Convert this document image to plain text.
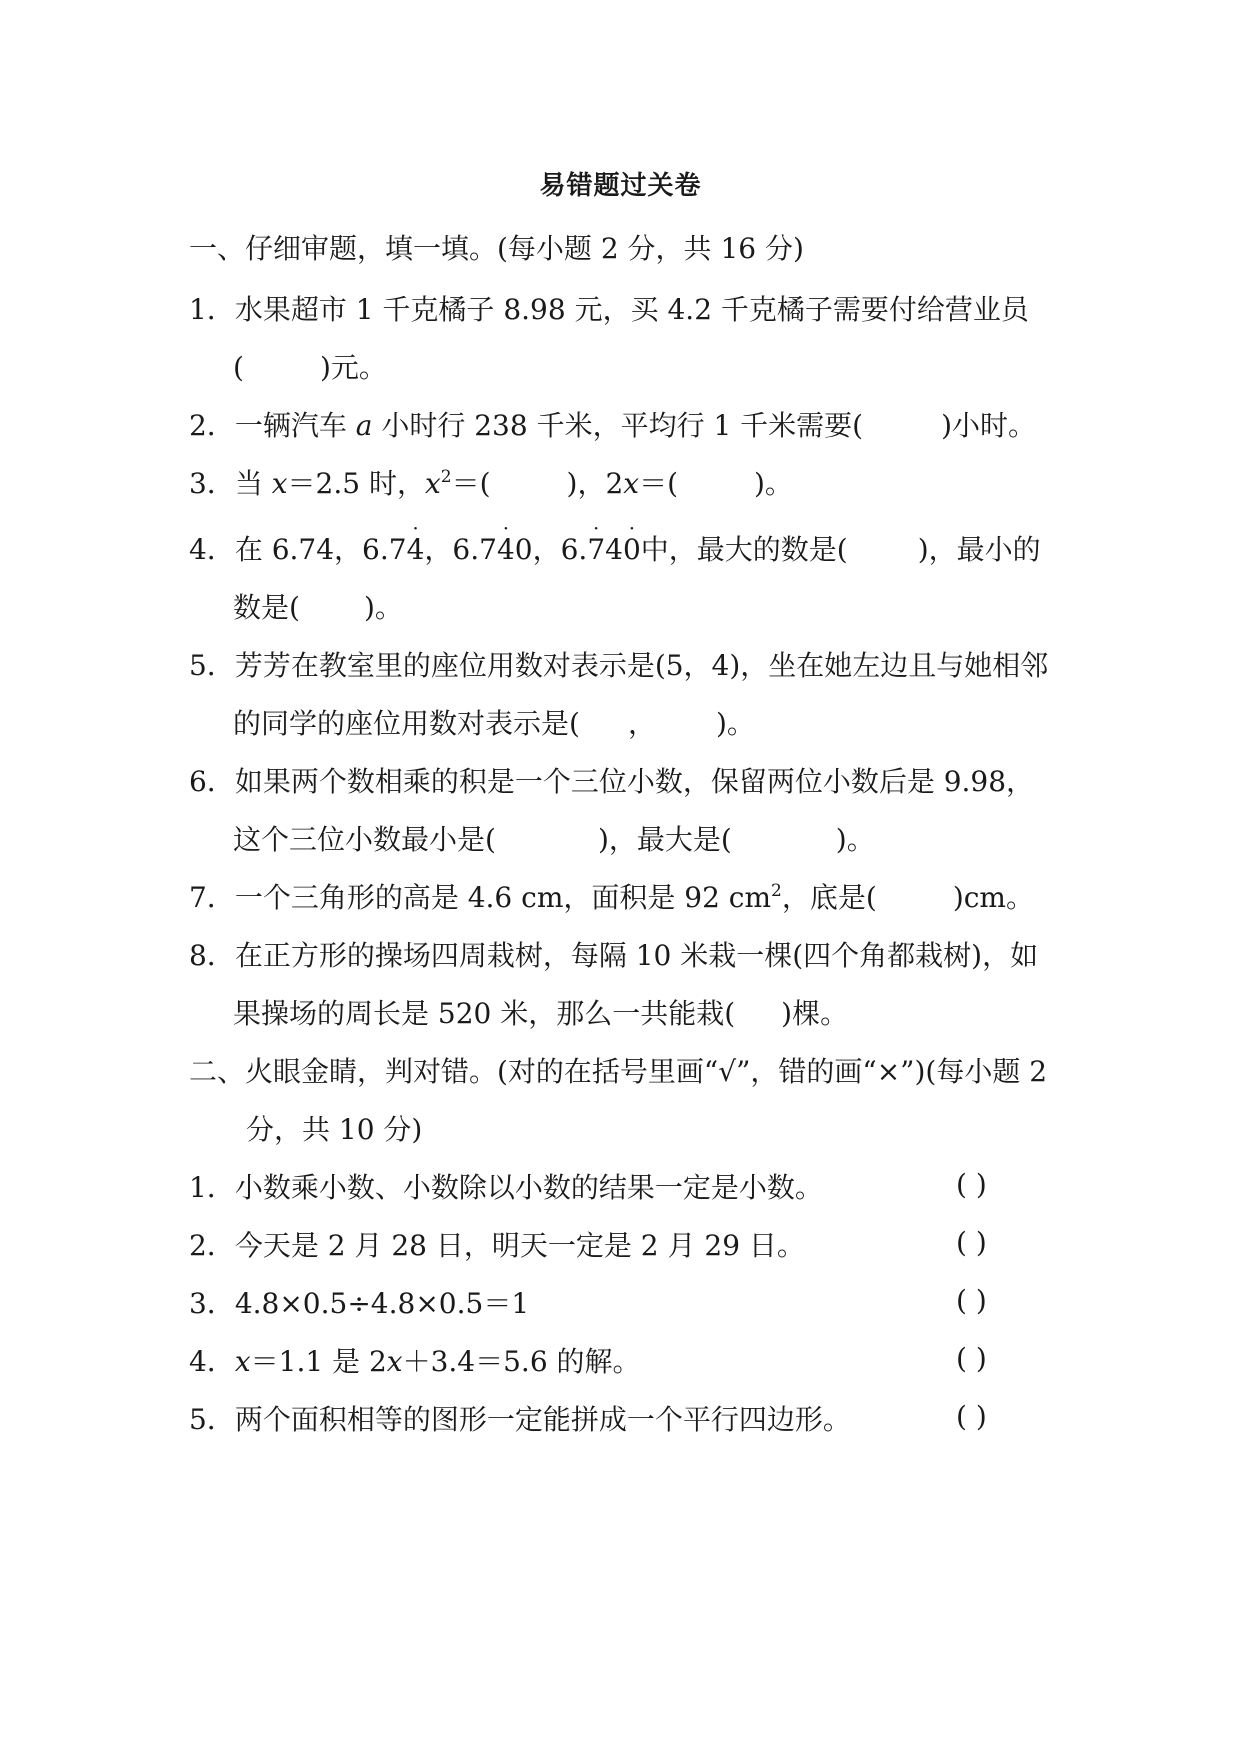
易错题过关卷
一、仔细审题，填一填。(每小题 2 分，共 16 分)
1．水果超市 1 千克橘子 8.98 元，买 4.2 千克橘子需要付给营业员
(	)元。
2．一辆汽车 a 小时行 238 千米，平均行 1 千米需要(	)小时。
3．当 x＝2.5 时，$x^2=$(	)，2x＝(	)。
4．在 6.74，6.74 ·，6.74 ·0，6.7 ·40 ·中，最大的数是(	)，最小的
数是( )。
5．芳芳在教室里的座位用数对表示是(5，4)，坐在她左边且与她相邻
的同学的座位用数对表示是( ， )。
6．如果两个数相乘的积是一个三位小数，保留两位小数后是 9.98，
这个三位小数最小是(	)，最大是(	)。
7．一个三角形的高是 4.6 cm，面积是 92 $cm^2$，底是(	)cm。
8．在正方形的操场四周栽树，每隔 10 米栽一棵(四个角都栽树)，如
果操场的周长是 520 米，那么一共能栽( )棵。
二、火眼金睛，判对错。(对的在括号里画“√”，错的画“×”)(每小题 2
分，共 10 分)
1．小数乘小数、小数除以小数的结果一定是小数。	( )
2．今天是 2 月 28 日，明天一定是 2 月 29 日。	( )
3．4.8×0.5÷4.8×0.5＝1	( )
4．x＝1.1 是 2x＋3.4＝5.6 的解。	( )
5．两个面积相等的图形一定能拼成一个平行四边形。	( )
